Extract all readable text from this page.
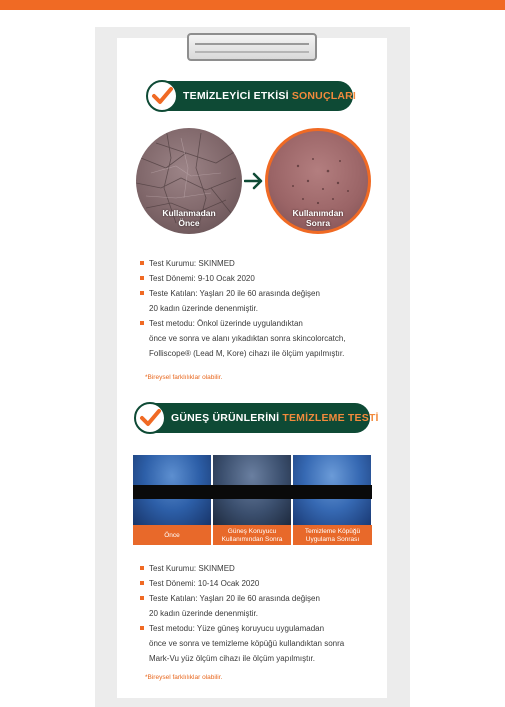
TEMİZLEYİCİ ETKİSİ SONUÇLARI
Kullanmadan
Önce
Kullanımdan
Sonra
Test Kurumu: SKINMED
Test Dönemi: 9-10 Ocak 2020
Teste Katılan: Yaşları 20 ile 60 arasında değişen
20 kadın üzerinde denenmiştir.
Test metodu: Önkol üzerinde uygulandıktan
önce ve sonra ve alanı yıkadıktan sonra skincolorcatch,
Folliscope® (Lead M, Kore) cihazı ile ölçüm yapılmıştır.
*Bireysel farklılıklar olabilir.
GÜNEŞ ÜRÜNLERİNİ TEMİZLEME TESTİ
Önce
Güneş Koruyucu
Kullanımından Sonra
Temizleme Köpüğü
Uygulama Sonrası
Test Kurumu: SKINMED
Test Dönemi: 10-14 Ocak 2020
Teste Katılan: Yaşları 20 ile 60 arasında değişen
20 kadın üzerinde denenmiştir.
Test metodu: Yüze güneş koruyucu uygulamadan
önce ve sonra ve temizleme köpüğü kullandıktan sonra
Mark-Vu yüz ölçüm cihazı ile ölçüm yapılmıştır.
*Bireysel farklılıklar olabilir.
